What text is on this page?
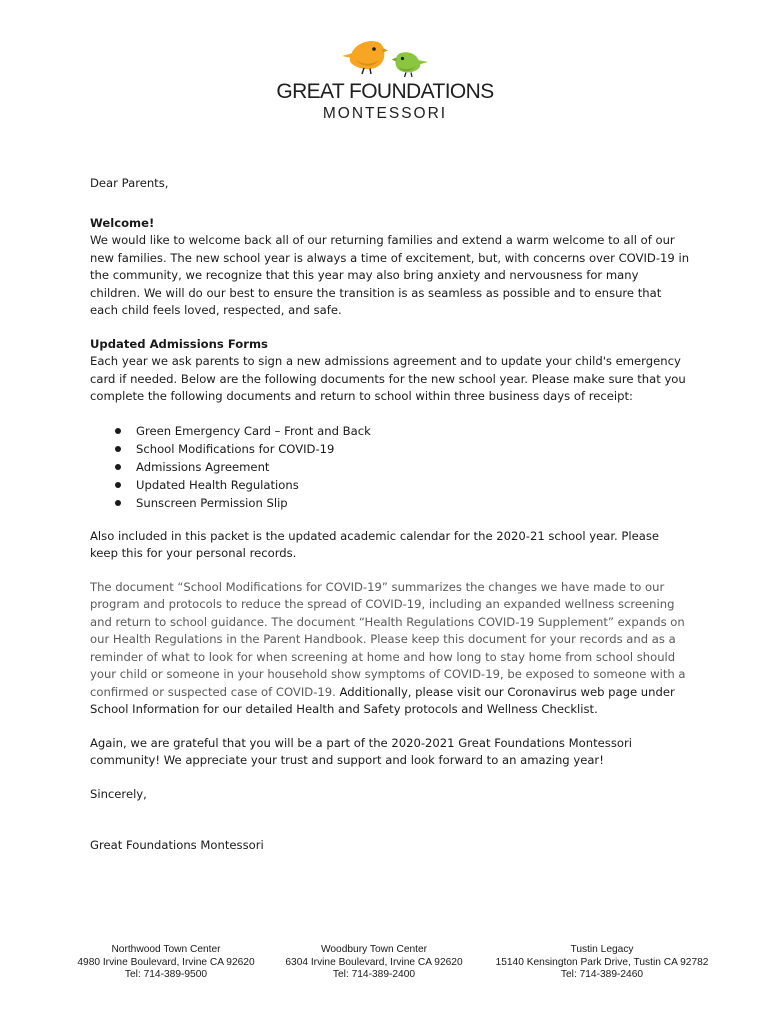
GREAT FOUNDATIONS
MONTESSORI

Dear Parents,

Welcome!

We would like to welcome back all of our returning families and extend a warm welcome to all of our new families. The new school year is always a time of excitement, but, with concerns over COVID-19 in the community, we recognize that this year may also bring anxiety and nervousness for many children. We will do our best to ensure the transition is as seamless as possible and to ensure that each child feels loved, respected, and safe.

Updated Admissions Forms

Each year we ask parents to sign a new admissions agreement and to update your child's emergency card if needed. Below are the following documents for the new school year. Please make sure that you complete the following documents and return to school within three business days of receipt:

Green Emergency Card – Front and Back
School Modifications for COVID-19
Admissions Agreement
Updated Health Regulations
Sunscreen Permission Slip

Also included in this packet is the updated academic calendar for the 2020-21 school year. Please keep this for your personal records.

The document “School Modifications for COVID-19” summarizes the changes we have made to our program and protocols to reduce the spread of COVID-19, including an expanded wellness screening and return to school guidance. The document “Health Regulations COVID-19 Supplement” expands on our Health Regulations in the Parent Handbook. Please keep this document for your records and as a reminder of what to look for when screening at home and how long to stay home from school should your child or someone in your household show symptoms of COVID-19, be exposed to someone with a confirmed or suspected case of COVID-19. Additionally, please visit our Coronavirus web page under School Information for our detailed Health and Safety protocols and Wellness Checklist.

Again, we are grateful that you will be a part of the 2020-2021 Great Foundations Montessori community! We appreciate your trust and support and look forward to an amazing year!

Sincerely,

Great Foundations Montessori

Northwood Town Center
4980 Irvine Boulevard, Irvine CA 92620
Tel: 714-389-9500
Woodbury Town Center
6304 Irvine Boulevard, Irvine CA 92620
Tel: 714-389-2400
Tustin Legacy
15140 Kensington Park Drive, Tustin CA 92782
Tel: 714-389-2460
